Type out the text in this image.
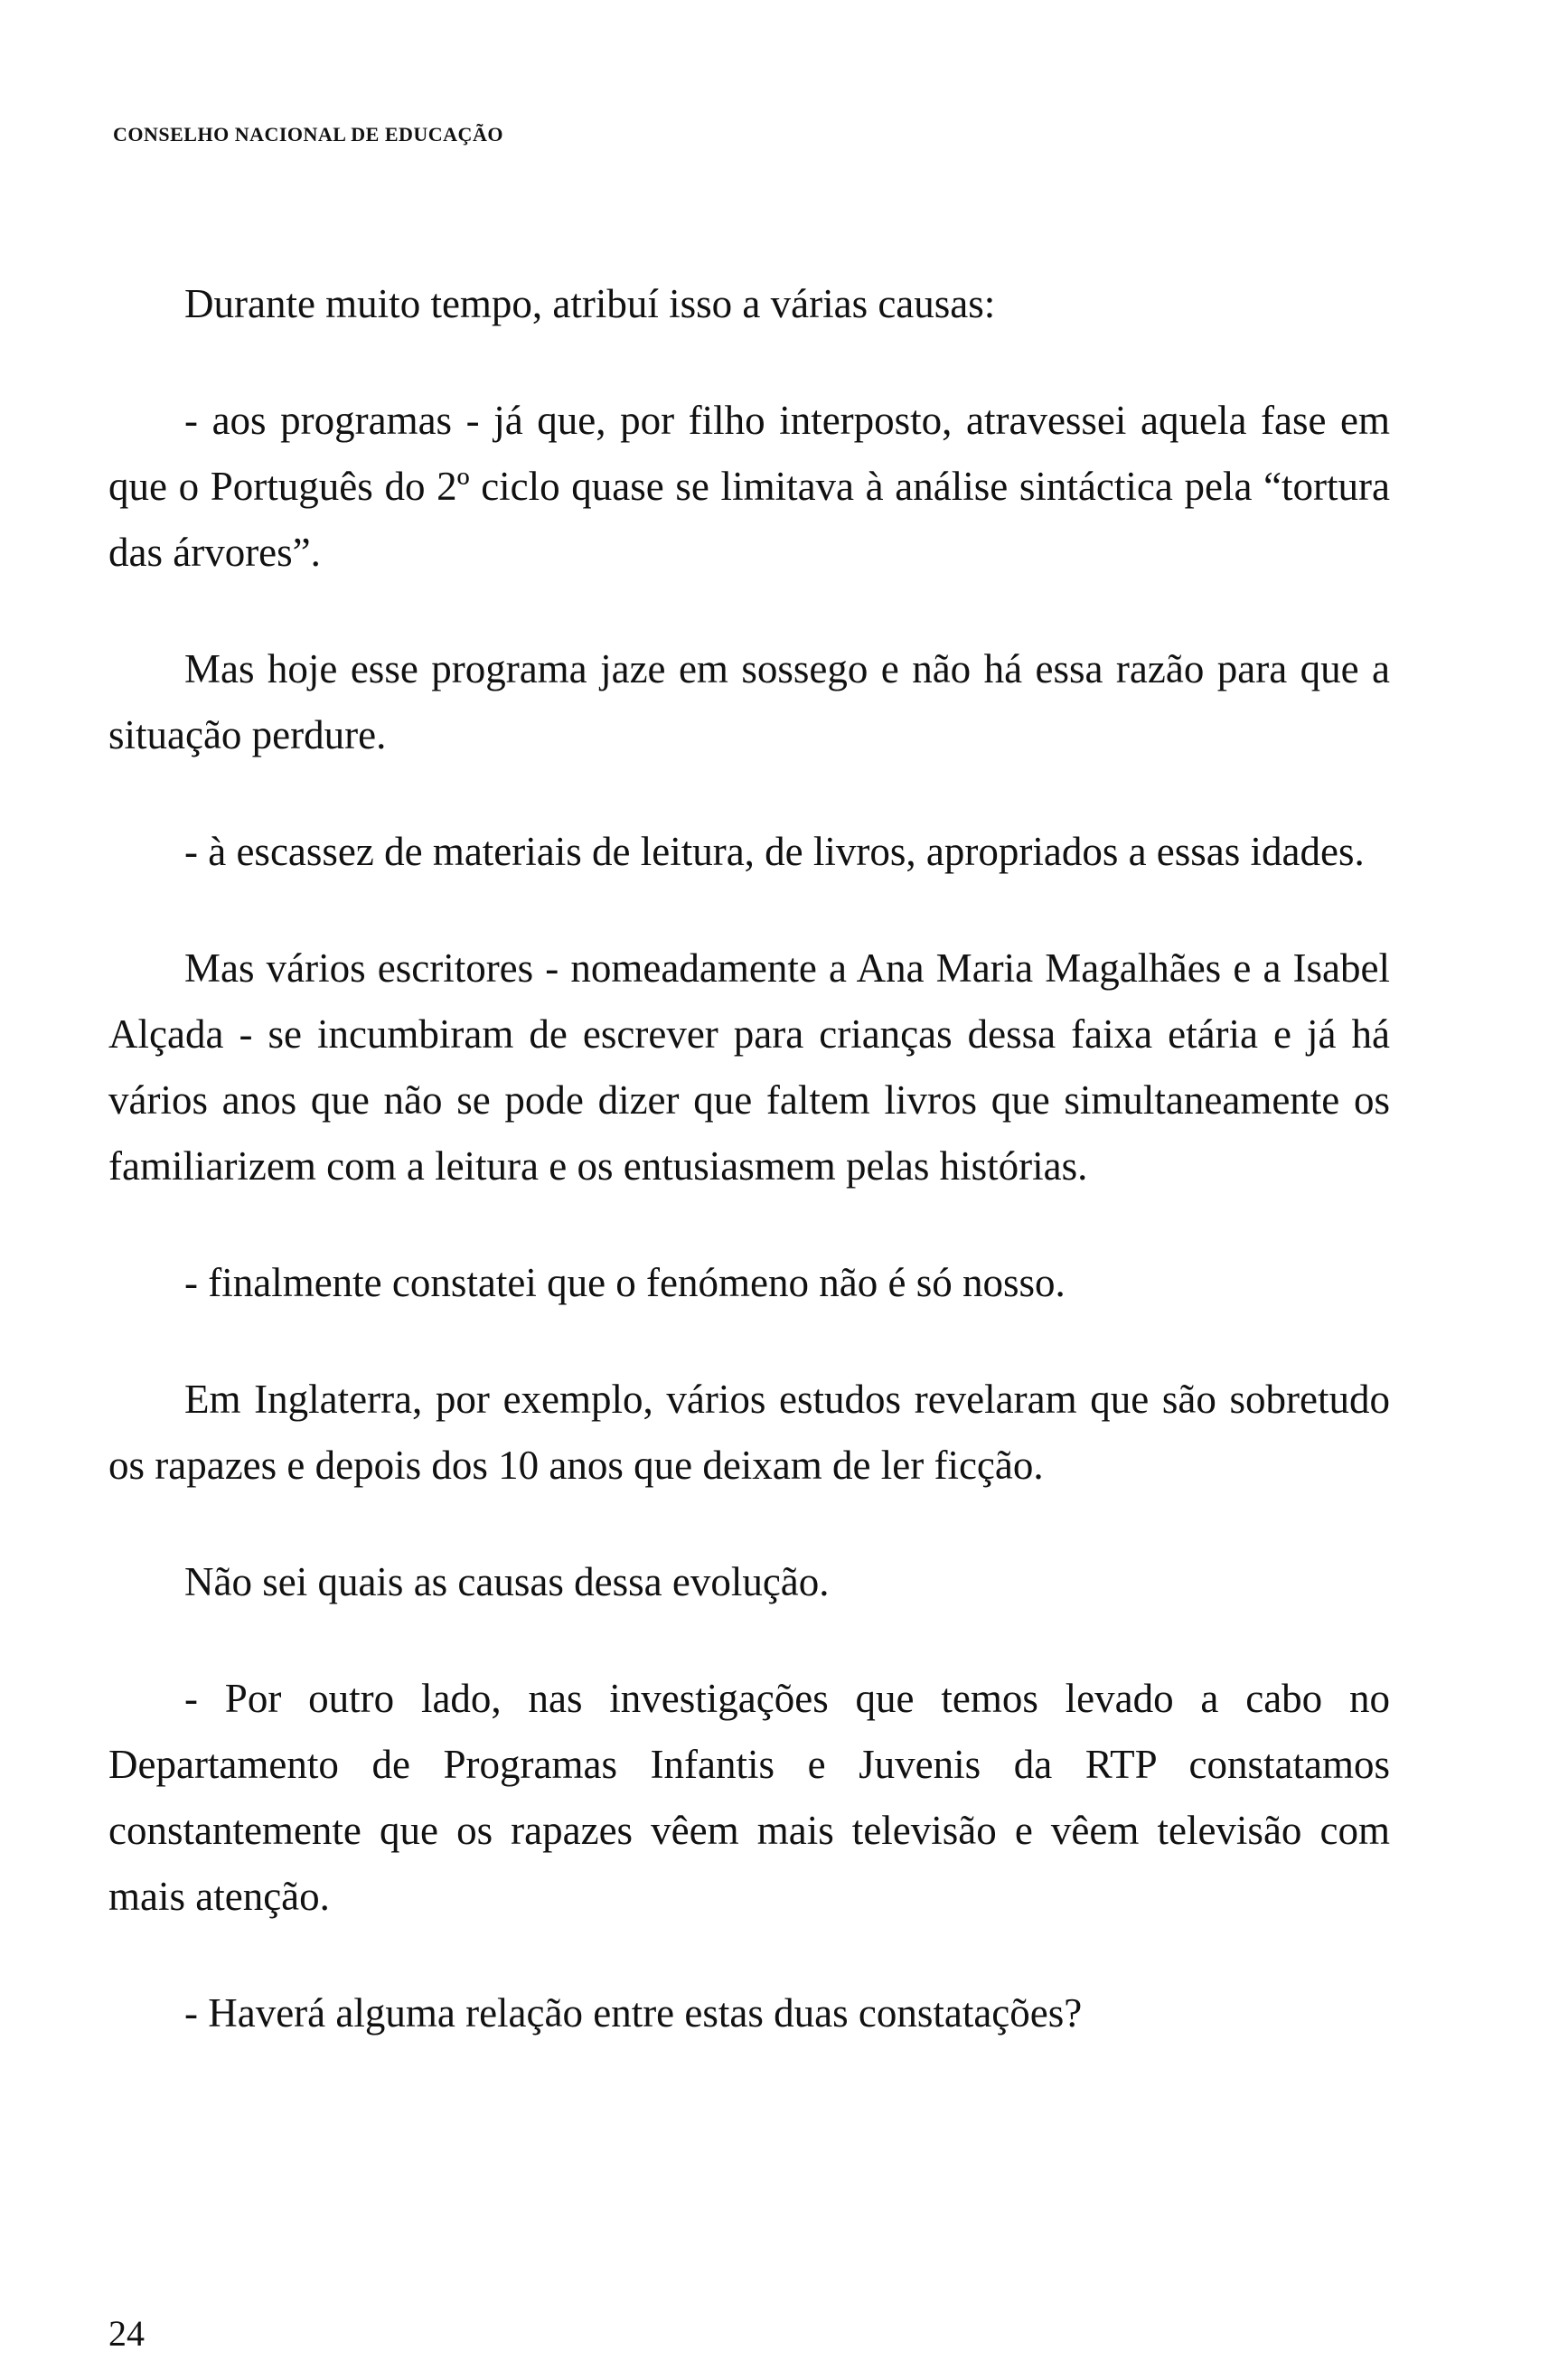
CONSELHO NACIONAL DE EDUCAÇÃO

Durante muito tempo, atribuí isso a várias causas:

- aos programas - já que, por filho interposto, atravessei aquela fase em que o Português do 2º ciclo quase se limitava à análise sintáctica pela “tortura das árvores”.

Mas hoje esse programa jaze em sossego e não há essa razão para que a situação perdure.

- à escassez de materiais de leitura, de livros, apropriados a essas idades.

Mas vários escritores - nomeadamente a Ana Maria Magalhães e a Isabel Alçada - se incumbiram de escrever para crianças dessa faixa etária e já há vários anos que não se pode dizer que faltem livros que simultaneamente os familiarizem com a leitura e os entusiasmem pelas histórias.

- finalmente constatei que o fenómeno não é só nosso.

Em Inglaterra, por exemplo, vários estudos revelaram que são sobretudo os rapazes e depois dos 10 anos que deixam de ler ficção.

Não sei quais as causas dessa evolução.

- Por outro lado, nas investigações que temos levado a cabo no Departamento de Programas Infantis e Juvenis da RTP constatamos constantemente que os rapazes vêem mais televisão e vêem televisão com mais atenção.

- Haverá alguma relação entre estas duas constatações?

24
